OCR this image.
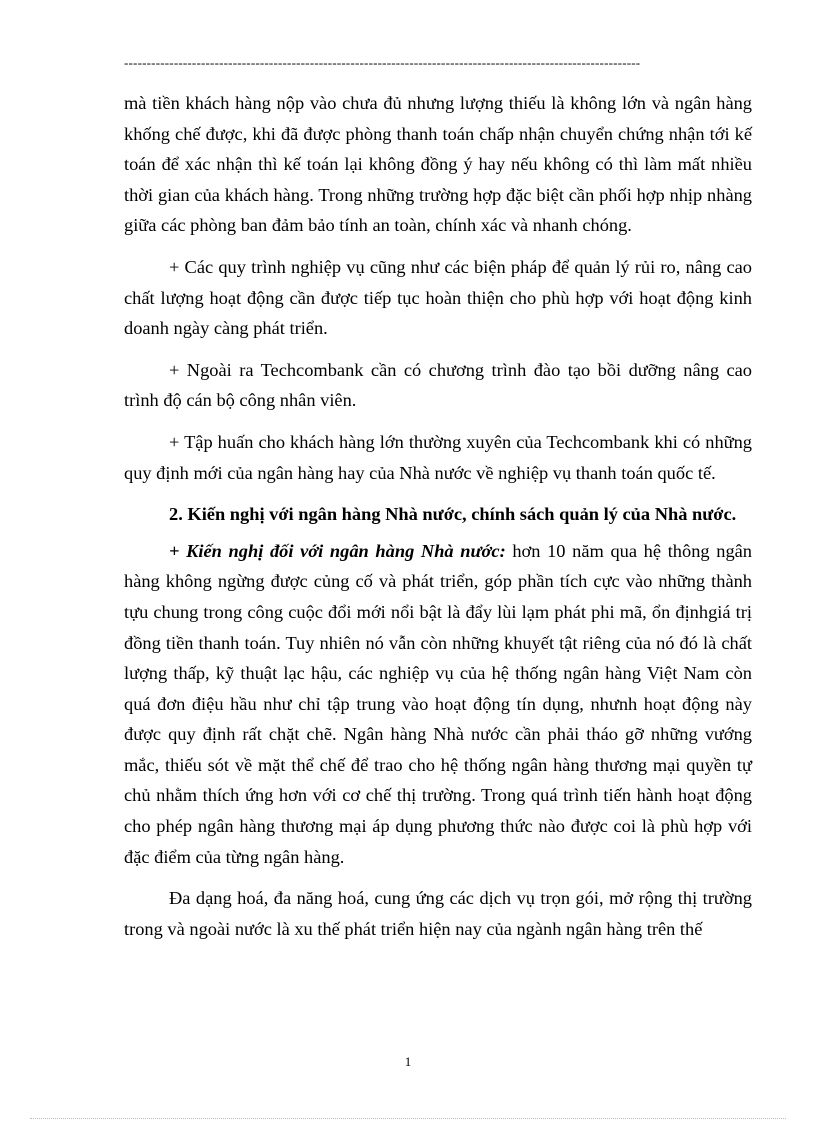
------------------------------------------------------------------------------------------------------------------

mà tiền khách hàng nộp vào chưa đủ nhưng lượng thiếu là không lớn và ngân hàng khống chế được, khi đã được phòng thanh toán chấp nhận chuyển chứng nhận tới kế toán để xác nhận thì kế toán lại không đồng ý hay nếu không có thì làm mất nhiều thời gian của khách hàng. Trong những trường hợp đặc biệt cần phối hợp nhịp nhàng giữa các phòng ban đảm bảo tính an toàn, chính xác và nhanh chóng.

+ Các quy trình nghiệp vụ cũng như các biện pháp để quản lý rủi ro, nâng cao chất lượng hoạt động cần được tiếp tục hoàn thiện cho phù hợp với hoạt động kinh doanh ngày càng phát triển.

+ Ngoài ra Techcombank cần có chương trình đào tạo bồi dưỡng nâng cao trình độ cán bộ công nhân viên.

+ Tập huấn cho khách hàng lớn thường xuyên của Techcombank khi có những quy định mới của ngân hàng hay của Nhà nước về nghiệp vụ thanh toán quốc tế.

2. Kiến nghị với ngân hàng Nhà nước, chính sách quản lý của Nhà nước.

+ Kiến nghị đối với ngân hàng Nhà nước: hơn 10 năm qua hệ thông ngân hàng không ngừng được củng cố và phát triển, góp phần tích cực vào những thành tựu chung trong công cuộc đổi mới nổi bật là đẩy lùi lạm phát phi mã, ổn địnhgiá trị đồng tiền thanh toán. Tuy nhiên nó vẫn còn những khuyết tật riêng của nó đó là chất lượng thấp, kỹ thuật lạc hậu, các nghiệp vụ của hệ thống ngân hàng Việt Nam còn quá đơn điệu hầu như chỉ tập trung vào hoạt động tín dụng, nhưnh hoạt động này được quy định rất chặt chẽ. Ngân hàng Nhà nước cần phải tháo gỡ những vướng mắc, thiếu sót về mặt thể chế để trao cho hệ thống ngân hàng thương mại quyền tự chủ nhằm thích ứng hơn với cơ chế thị trường. Trong quá trình tiến hành hoạt động cho phép ngân hàng thương mại áp dụng phương thức nào được coi là phù hợp với đặc điểm của từng ngân hàng.

Đa dạng hoá, đa năng hoá, cung ứng các dịch vụ trọn gói, mở rộng thị trường trong và ngoài nước là xu thế phát triển hiện nay của ngành ngân hàng trên thế

1
